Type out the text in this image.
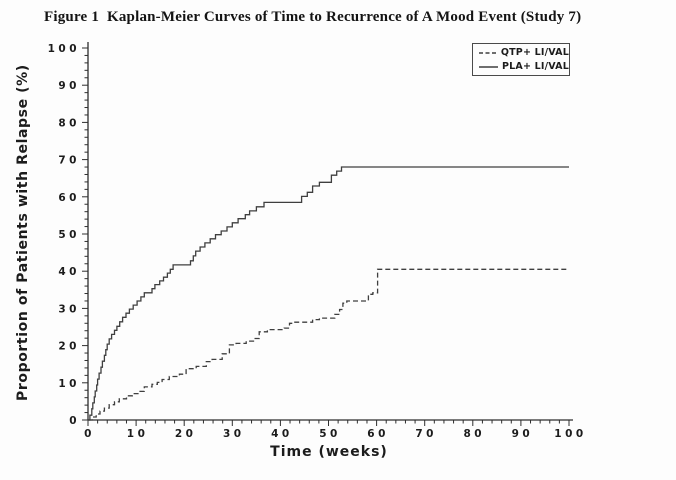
Figure 1  Kaplan-Meier Curves of Time to Recurrence of A Mood Event (Study 7)
0	10	20	30	40	50	60	70	80	90 100
0
10
20
30
40
50
60
70
80
90
100
Proportion of Patients with Relapse (%)
Time (weeks)
QTP+ LI/VAL
PLA+ LI/VAL
